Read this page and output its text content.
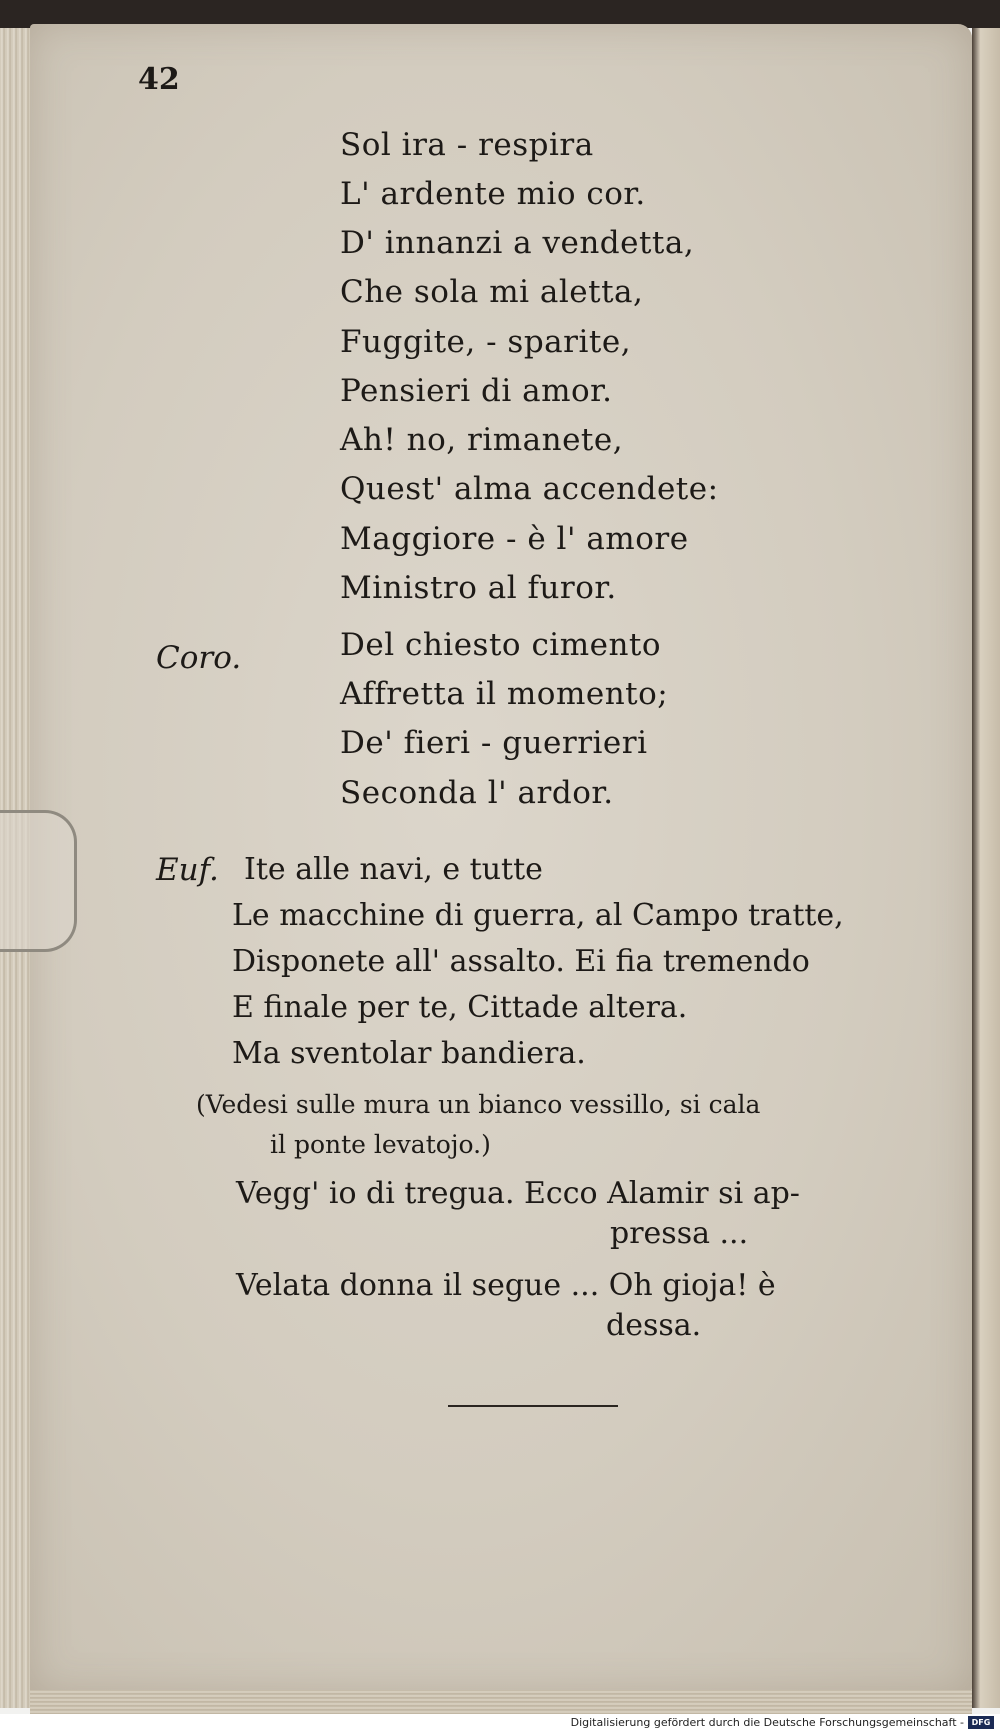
42
Sol ira - respira
L' ardente mio cor.
D' innanzi a vendetta,
Che sola mi aletta,
Fuggite, - sparite,
Pensieri di amor.
Ah! no, rimanete,
Quest' alma accendete:
Maggiore - è l' amore
Ministro al furor.
Coro.	Del chiesto cimento
Affretta il momento;
De' fieri - guerrieri
Seconda l' ardor.
Euf. Ite alle navi, e tutte
Le macchine di guerra, al Campo tratte,
Disponete all' assalto. Ei fia tremendo
E finale per te, Cittade altera.
Ma sventolar bandiera.
(Vedesi sulle mura un bianco vessillo, si cala
il ponte levatojo.)
Vegg' io di tregua. Ecco Alamir si ap-
pressa ...
Velata donna il segue ... Oh gioja! è
dessa.
Digitalisierung gefördert durch die Deutsche Forschungsgemeinschaft - DFG
